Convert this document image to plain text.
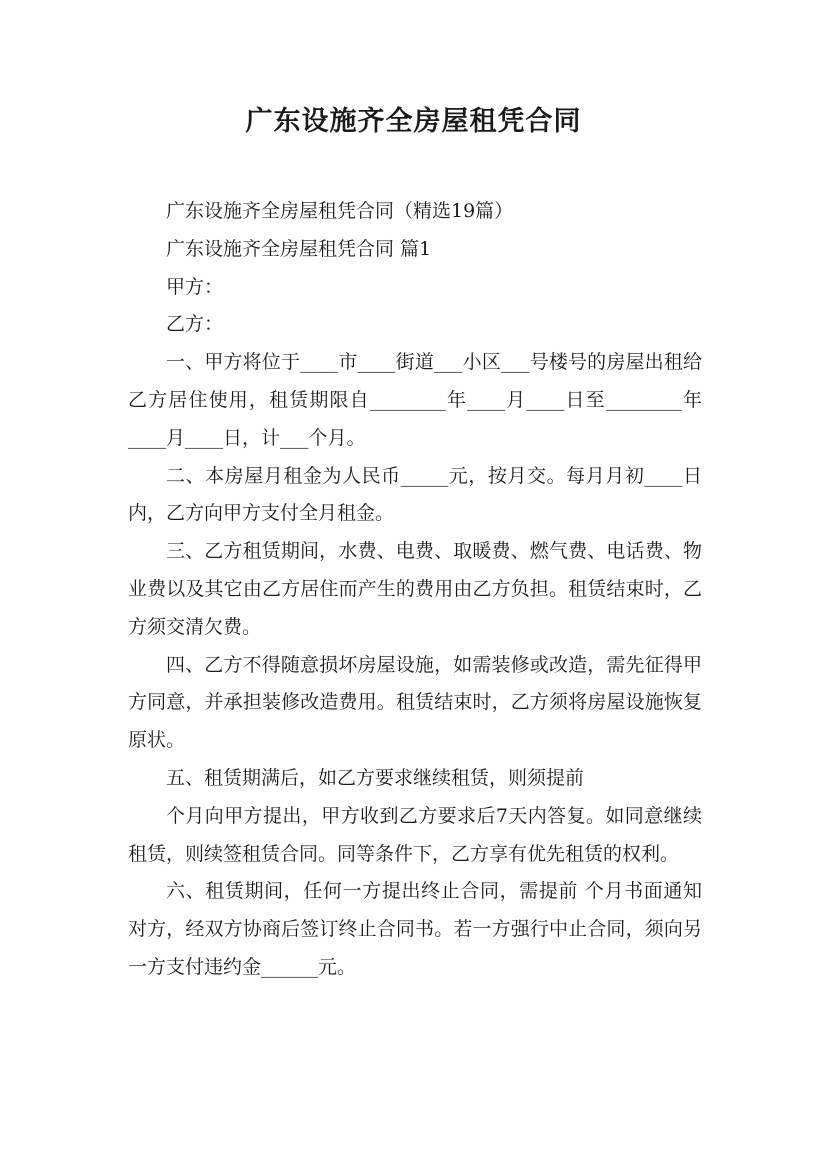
广东设施齐全房屋租凭合同

广东设施齐全房屋租凭合同（精选19篇）

广东设施齐全房屋租凭合同 篇1

甲方：

乙方：

一、甲方将位于____市____街道___小区___号楼号的房屋出租给乙方居住使用，租赁期限自________年____月____日至________年____月____日，计___个月。

二、本房屋月租金为人民币_____元，按月交。每月月初____日内，乙方向甲方支付全月租金。

三、乙方租赁期间，水费、电费、取暖费、燃气费、电话费、物业费以及其它由乙方居住而产生的费用由乙方负担。租赁结束时，乙方须交清欠费。

四、乙方不得随意损坏房屋设施，如需装修或改造，需先征得甲方同意，并承担装修改造费用。租赁结束时，乙方须将房屋设施恢复原状。

五、租赁期满后，如乙方要求继续租赁，则须提前

个月向甲方提出，甲方收到乙方要求后7天内答复。如同意继续租赁，则续签租赁合同。同等条件下，乙方享有优先租赁的权利。

六、租赁期间，任何一方提出终止合同，需提前 个月书面通知对方，经双方协商后签订终止合同书。若一方强行中止合同，须向另一方支付违约金______元。
